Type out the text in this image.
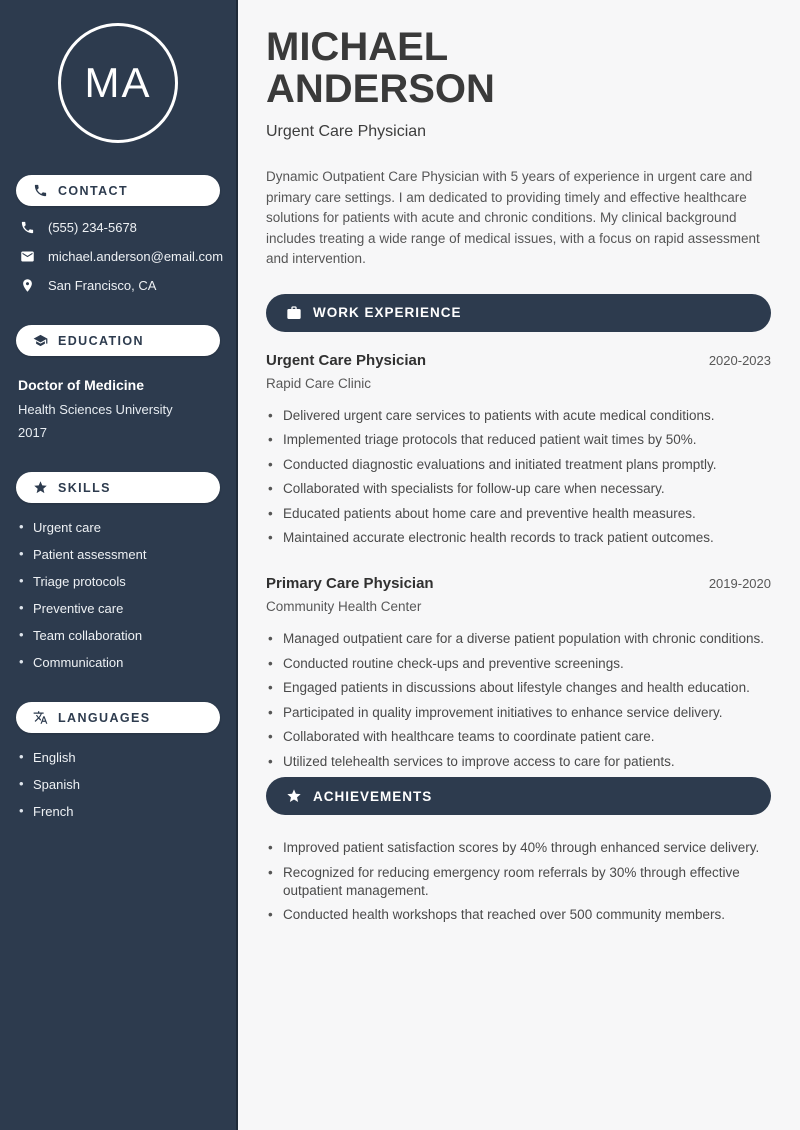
MA
CONTACT
(555) 234-5678
michael.anderson@email.com
San Francisco, CA
EDUCATION
Doctor of Medicine
Health Sciences University
2017
SKILLS
• Urgent care
• Patient assessment
• Triage protocols
• Preventive care
• Team collaboration
• Communication
LANGUAGES
• English
• Spanish
• French
MICHAEL
ANDERSON
Urgent Care Physician

Dynamic Outpatient Care Physician with 5 years of experience in urgent care and primary care settings. I am dedicated to providing timely and effective healthcare solutions for patients with acute and chronic conditions. My clinical background includes treating a wide range of medical issues, with a focus on rapid assessment and intervention.

WORK EXPERIENCE
Urgent Care Physician	2020-2023
Rapid Care Clinic
• Delivered urgent care services to patients with acute medical conditions.
• Implemented triage protocols that reduced patient wait times by 50%.
• Conducted diagnostic evaluations and initiated treatment plans promptly.
• Collaborated with specialists for follow-up care when necessary.
• Educated patients about home care and preventive health measures.
• Maintained accurate electronic health records to track patient outcomes.
Primary Care Physician	2019-2020
Community Health Center
• Managed outpatient care for a diverse patient population with chronic conditions.
• Conducted routine check-ups and preventive screenings.
• Engaged patients in discussions about lifestyle changes and health education.
• Participated in quality improvement initiatives to enhance service delivery.
• Collaborated with healthcare teams to coordinate patient care.
• Utilized telehealth services to improve access to care for patients.
ACHIEVEMENTS
• Improved patient satisfaction scores by 40% through enhanced service delivery.
• Recognized for reducing emergency room referrals by 30% through effective outpatient management.
• Conducted health workshops that reached over 500 community members.
